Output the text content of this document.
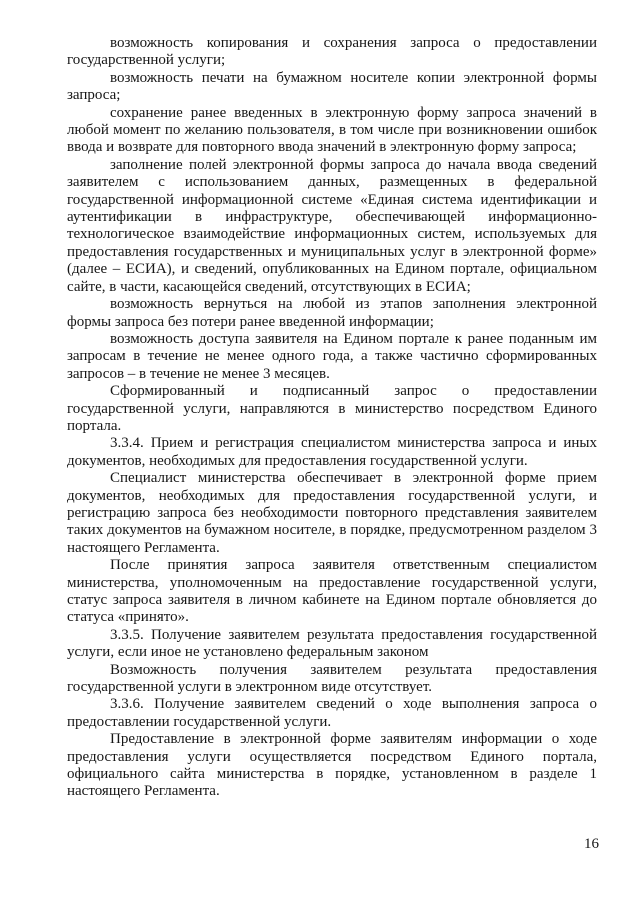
возможность копирования и сохранения запроса о предоставлении государственной услуги;

возможность печати на бумажном носителе копии электронной формы запроса;

сохранение ранее введенных в электронную форму запроса значений в любой момент по желанию пользователя, в том числе при возникновении ошибок ввода и возврате для повторного ввода значений в электронную форму запроса;

заполнение полей электронной формы запроса до начала ввода сведений заявителем с использованием данных, размещенных в федеральной государственной информационной системе «Единая система идентификации и аутентификации в инфраструктуре, обеспечивающей информационно-технологическое взаимодействие информационных систем, используемых для предоставления государственных и муниципальных услуг в электронной форме» (далее – ЕСИА), и сведений, опубликованных на Едином портале, официальном сайте, в части, касающейся сведений, отсутствующих в ЕСИА;

возможность вернуться на любой из этапов заполнения электронной формы запроса без потери ранее введенной информации;

возможность доступа заявителя на Едином портале к ранее поданным им запросам в течение не менее одного года, а также частично сформированных запросов – в течение не менее 3 месяцев.

Сформированный и подписанный запрос о предоставлении государственной услуги, направляются в министерство посредством Единого портала.

3.3.4. Прием и регистрация специалистом министерства запроса и иных документов, необходимых для предоставления государственной услуги.

Специалист министерства обеспечивает в электронной форме прием документов, необходимых для предоставления государственной услуги, и регистрацию запроса без необходимости повторного представления заявителем таких документов на бумажном носителе, в порядке, предусмотренном разделом 3 настоящего Регламента.

После принятия запроса заявителя ответственным специалистом министерства, уполномоченным на предоставление государственной услуги, статус запроса заявителя в личном кабинете на Едином портале обновляется до статуса «принято».

3.3.5. Получение заявителем результата предоставления государственной услуги, если иное не установлено федеральным законом

Возможность получения заявителем результата предоставления государственной услуги в электронном виде отсутствует.

3.3.6. Получение заявителем сведений о ходе выполнения запроса о предоставлении государственной услуги.

Предоставление в электронной форме заявителям информации о ходе предоставления услуги осуществляется посредством Единого портала, официального сайта министерства в порядке, установленном в разделе 1 настоящего Регламента.

16
